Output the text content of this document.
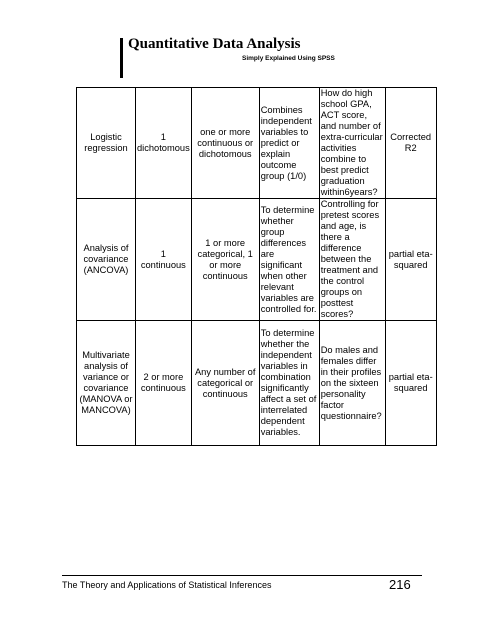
Quantitative Data Analysis
Simply Explained Using SPSS
Logistic regression	1 dichotomous	one or more continuous or dichotomous	Combines independent variables to predict or explain outcome group (1/0)	How do high school GPA, ACT score, and number of extra-curricular activities combine to best predict graduation within6years?	Corrected R2

Analysis of covariance (ANCOVA)	1 continuous	1 or more categorical, 1 or more continuous	To determine whether group differences are significant when other relevant variables are controlled for.	Controlling for pretest scores and age, is there a difference between the treatment and the control groups on posttest scores?	partial eta-squared
Multivariate analysis of variance or covariance (MANOVA or MANCOVA)	2 or more continuous	Any number of categorical or continuous	To determine whether the independent variables in combination significantly affect a set of interrelated dependent variables.	Do males and females differ in their profiles on the sixteen personality factor questionnaire?	partial eta-squared
The Theory and Applications of Statistical Inferences	216
